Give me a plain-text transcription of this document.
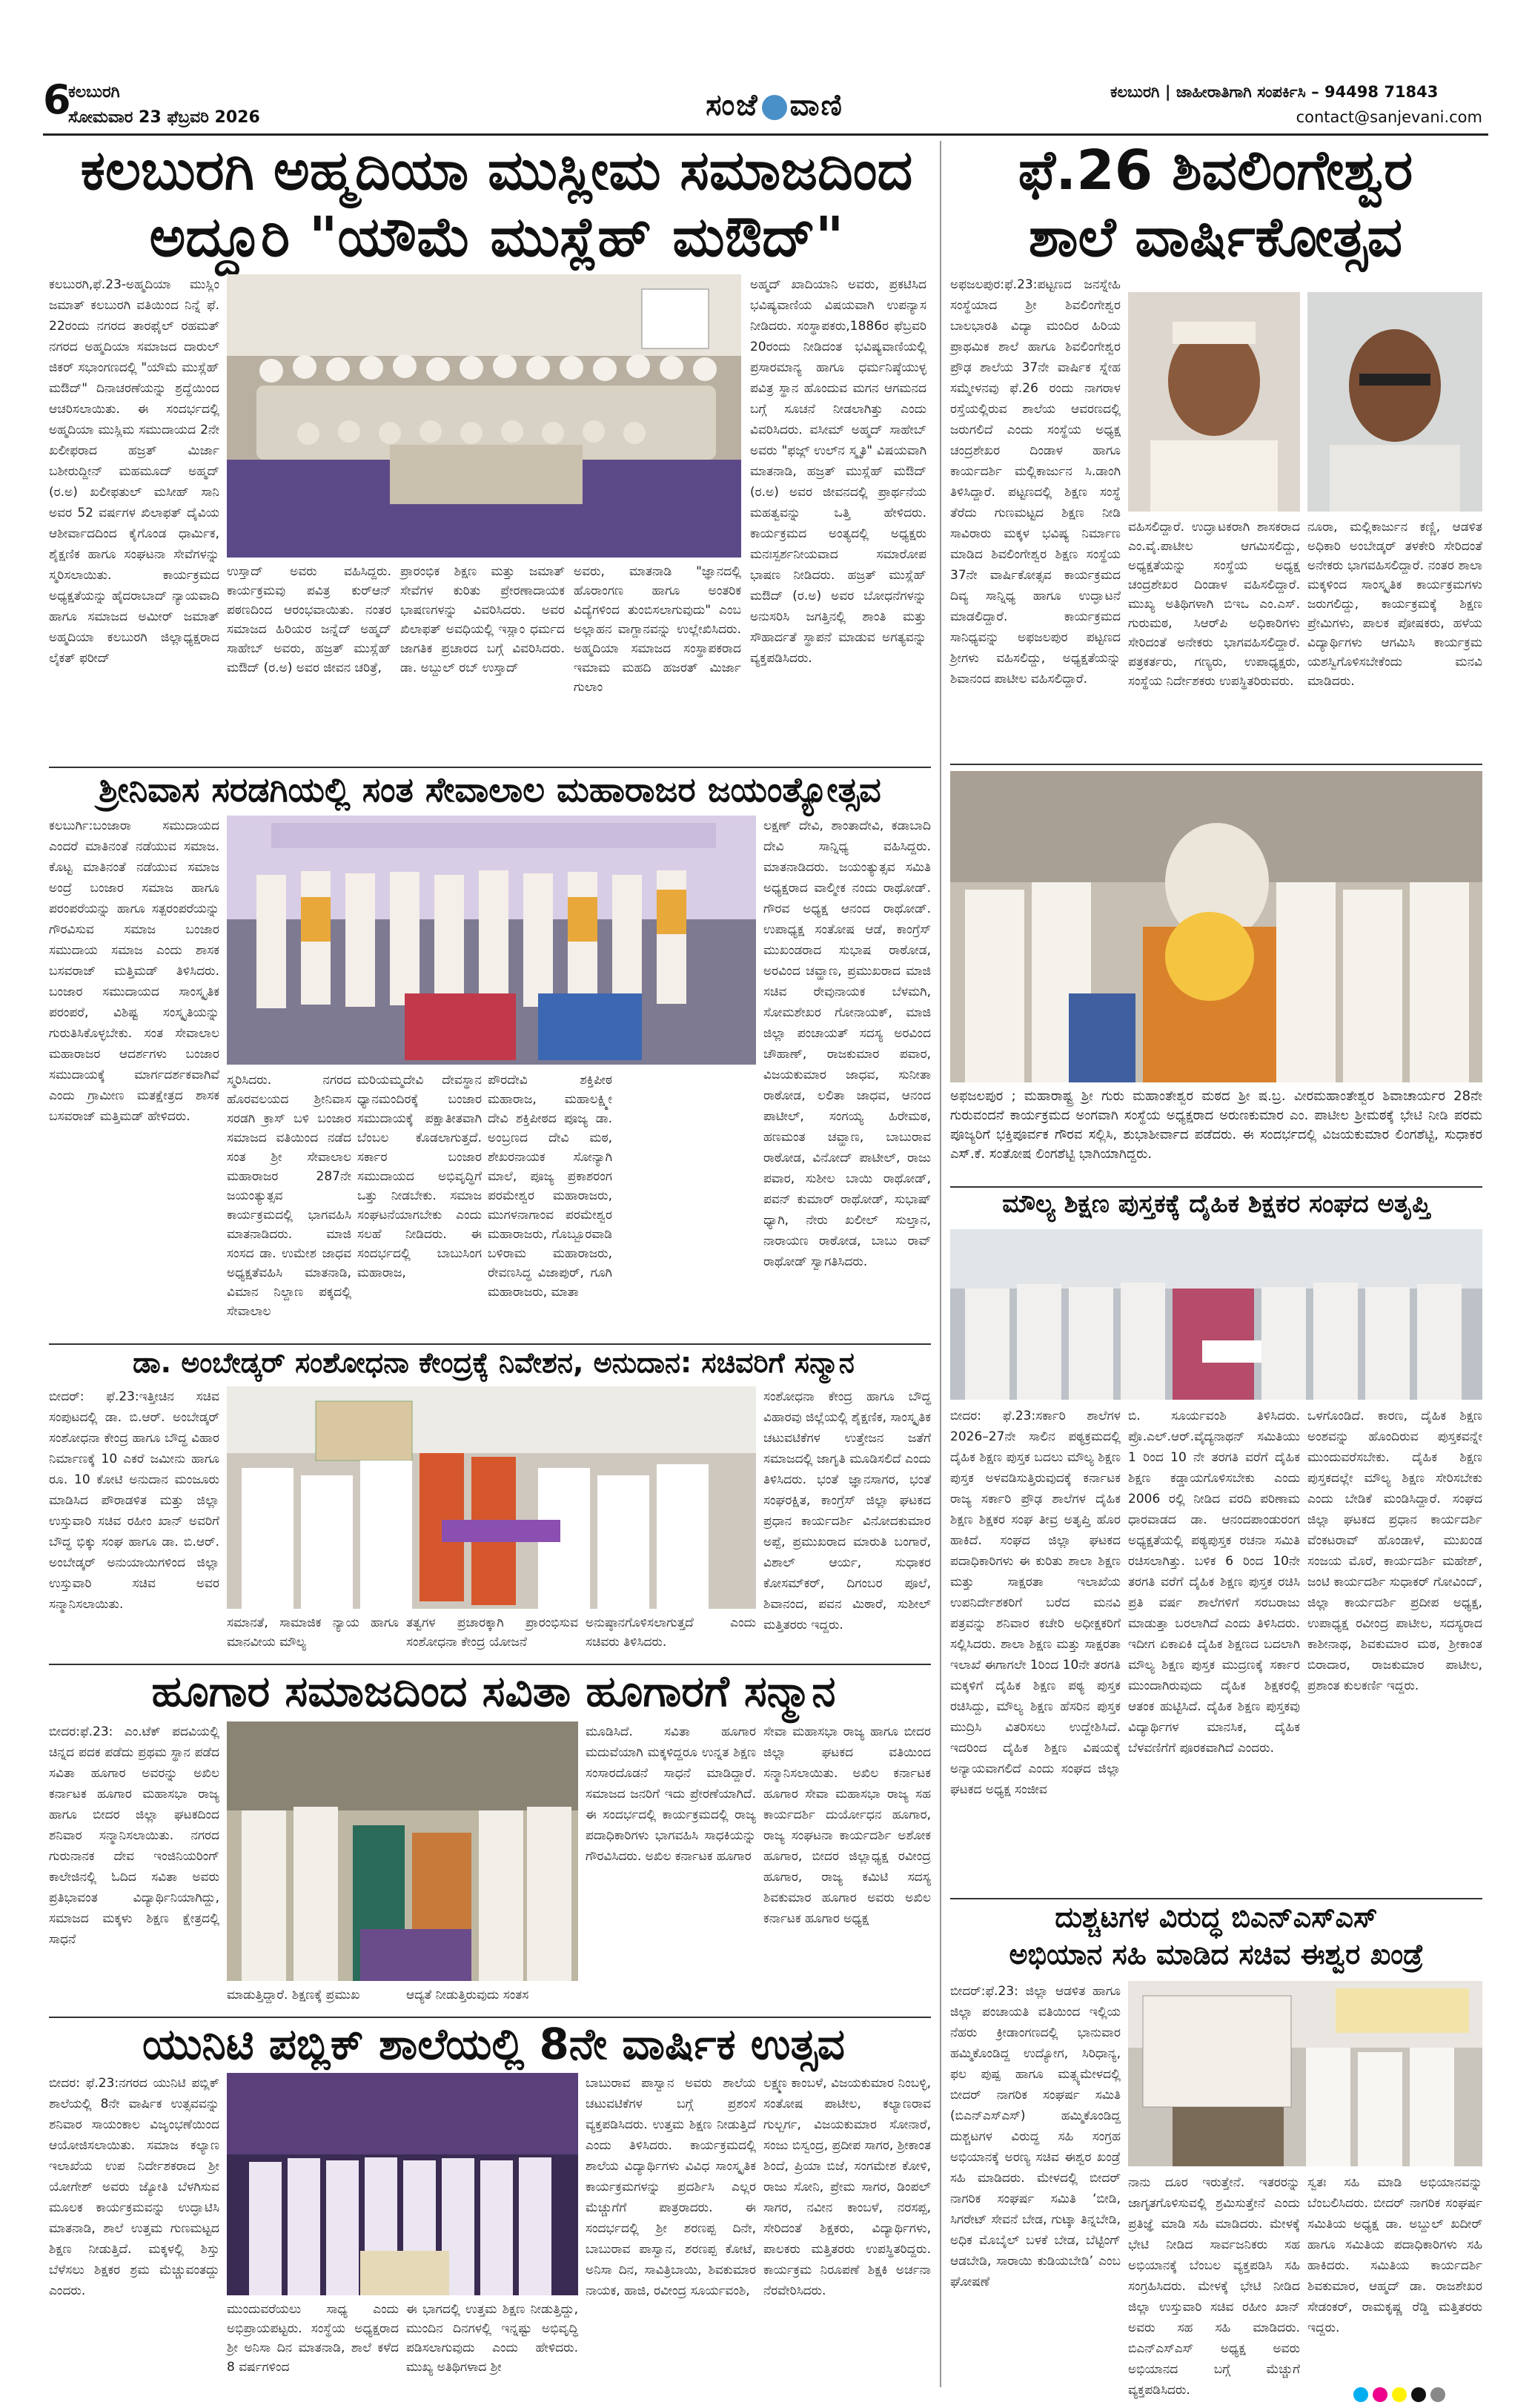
6
ಕಲಬುರಗಿ
ಸೋಮವಾರ 23 ಫೆಬ್ರವರಿ 2026	ಸಂಜೆ ವಾಣಿ	ಕಲಬುರಗಿ | ಜಾಹೀರಾತಿಗಾಗಿ ಸಂಪರ್ಕಿಸಿ – 94498 71843
contact@sanjevani.com
ಕಲಬುರಗಿ ಅಹ್ಮದಿಯಾ ಮುಸ್ಲೀಮ ಸಮಾಜದಿಂದ
ಅದ್ದೂರಿ "ಯೌಮೆ ಮುಸ್ಲೆಹ್ ಮಔದ್"
ಕಲಬುರಗಿ,ಫೆ.23-ಅಹ್ಮದಿಯಾ ಮುಸ್ಲಿಂ ಜಮಾತ್ ಕಲಬುರಗಿ ವತಿಯಿಂದ ನಿನ್ನೆ ಫೆ. 22ರಂದು ನಗರದ ತಾರಫೈಲ್ ರಹಮತ್ ನಗರದ ಅಹ್ಮದಿಯಾ ಸಮಾಜದ ದಾರುಲ್ ಜಿಕರ್ ಸಭಾಂಗಣದಲ್ಲಿ "ಯೌಮೆ ಮುಸ್ಲೆಹ್ ಮಔದ್" ದಿನಾಚರಣೆಯನ್ನು ಶ್ರದ್ಧೆಯಿಂದ ಆಚರಿಸಲಾಯಿತು. ಈ ಸಂದರ್ಭದಲ್ಲಿ ಅಹ್ಮದಿಯಾ ಮುಸ್ಲಿಮ ಸಮುದಾಯದ 2ನೇ ಖಲೀಫರಾದ ಹಜ್ರತ್ ಮಿರ್ಜಾ ಬಶೀರುದ್ದೀನ್ ಮಹಮೂದ್ ಅಹ್ಮದ್ (ರ.ಅ) ಖಲೀಫತುಲ್ ಮಸೀಹ್ ಸಾನಿ ಅವರ 52 ವರ್ಷಗಳ ಖಿಲಾಫತ್ ದೈವಿಯ ಆಶೀರ್ವಾದದಿಂದ ಕೈಗೊಂಡ ಧಾರ್ಮಿಕ, ಶೈಕ್ಷಣಿಕ ಹಾಗೂ ಸಂಘಟನಾ ಸೇವೆಗಳನ್ನು ಸ್ಮರಿಸಲಾಯಿತು. ಕಾರ್ಯಕ್ರಮದ ಅಧ್ಯಕ್ಷತೆಯನ್ನು ಹೈದರಾಬಾದ್ ನ್ಯಾಯವಾದಿ ಹಾಗೂ ಸಮಾಜದ ಅಮೀರ್ ಜಮಾತ್ ಅಹ್ಮದಿಯಾ ಕಲಬುರಗಿ ಜಿಲ್ಲಾಧ್ಯಕ್ಷರಾದ ಲೈಕತ್ ಫರೀದ್
ಉಸ್ತಾದ್ ಅವರು ವಹಿಸಿದ್ದರು. ಕಾರ್ಯಕ್ರಮವು ಪವಿತ್ರ ಕುರ್‌ಆನ್ ಪಠಣದಿಂದ ಆರಂಭವಾಯಿತು. ನಂತರ ಸಮಾಜದ ಹಿರಿಯರ ಜನ್ನೆದ್ ಅಹ್ಮದ್ ಸಾಹೇಬ್ ಅವರು, ಹಜ್ರತ್ ಮುಸ್ಲೆಹ್ ಮಔದ್ (ರ.ಅ) ಅವರ ಜೀವನ ಚರಿತ್ರೆ,
ಪ್ರಾರಂಭಿಕ ಶಿಕ್ಷಣ ಮತ್ತು ಜಮಾತ್ ಸೇವೆಗಳ ಕುರಿತು ಪ್ರೇರಣಾದಾಯಕ ಭಾಷಣಗಳನ್ನು ವಿವರಿಸಿದರು. ಅವರ ಖಿಲಾಫತ್ ಅವಧಿಯಲ್ಲಿ ಇಸ್ಲಾಂ ಧರ್ಮದ ಜಾಗತಿಕ ಪ್ರಚಾರದ ಬಗ್ಗೆ ವಿವರಿಸಿದರು. ಡಾ. ಅಬ್ದುಲ್ ರಬ್ ಉಸ್ತಾದ್
ಅವರು, ಮಾತನಾಡಿ "ಜ್ಞಾನದಲ್ಲಿ ಹೊರಾಂಗಣ ಹಾಗೂ ಅಂತರಿಕ ವಿದ್ಯೆಗಳಿಂದ ತುಂಬಿಸಲಾಗುವುದು" ಎಂಬ ಅಲ್ಲಾಹನ ವಾಗ್ದಾನವನ್ನು ಉಲ್ಲೇಖಿಸಿದರು. ಅಹ್ಮದಿಯಾ ಸಮಾಜದ ಸಂಸ್ಥಾಪಕರಾದ ಇಮಾಮ ಮಹದಿ ಹಜರತ್ ಮಿರ್ಜಾ ಗುಲಾಂ
ಅಹ್ಮದ್ ಖಾದಿಯಾನಿ ಅವರು, ಪ್ರಕಟಿಸಿದ ಭವಿಷ್ಯವಾಣಿಯ ವಿಷಯವಾಗಿ ಉಪನ್ಯಾಸ ನೀಡಿದರು. ಸಂಸ್ಥಾಪಕರು,1886ರ ಫೆಬ್ರವರಿ 20ರಂದು ನೀಡಿದಂತ ಭವಿಷ್ಯವಾಣಿಯಲ್ಲಿ ಪ್ರಸಾರಮಾನ್ಯ ಹಾಗೂ ಧರ್ಮನಿಷ್ಠೆಯುಳ್ಳ ಪವಿತ್ರ ಸ್ಥಾನ ಹೊಂದುವ ಮಗನ ಆಗಮನದ ಬಗ್ಗೆ ಸೂಚನೆ ನೀಡಲಾಗಿತ್ತು ಎಂದು ವಿವರಿಸಿದರು. ವಸೀಮ್ ಅಹ್ಮದ್ ಸಾಹೇಬ್ ಅವರು "ಫಜ್ಲ್ ಉಲ್‌ನ ಸ್ಮೃತಿ" ವಿಷಯವಾಗಿ ಮಾತನಾಡಿ, ಹಜ್ರತ್ ಮುಸ್ಲೆಹ್ ಮಔದ್ (ರ.ಅ) ಅವರ ಜೀವನದಲ್ಲಿ ಪ್ರಾರ್ಥನೆಯ ಮಹತ್ವವನ್ನು ಒತ್ತಿ ಹೇಳಿದರು. ಕಾರ್ಯಕ್ರಮದ ಅಂತ್ಯದಲ್ಲಿ ಅಧ್ಯಕ್ಷರು ಮನಃಸ್ಪರ್ಶನೀಯವಾದ ಸಮಾರೋಪ ಭಾಷಣ ನೀಡಿದರು. ಹಜ್ರತ್ ಮುಸ್ಲೆಹ್ ಮಔದ್ (ರ.ಅ) ಅವರ ಬೋಧನೆಗಳನ್ನು ಅನುಸರಿಸಿ ಜಗತ್ತಿನಲ್ಲಿ ಶಾಂತಿ ಮತ್ತು ಸೌಹಾರ್ದತೆ ಸ್ಥಾಪನೆ ಮಾಡುವ ಅಗತ್ಯವನ್ನು ವ್ಯಕ್ತಪಡಿಸಿದರು.
ಶ್ರೀನಿವಾಸ ಸರಡಗಿಯಲ್ಲಿ ಸಂತ ಸೇವಾಲಾಲ ಮಹಾರಾಜರ ಜಯಂತ್ಯೋತ್ಸವ
ಕಲಬುರ್ಗಿ:ಬಂಜಾರಾ ಸಮುದಾಯದ ಎಂದರೆ ಮಾತಿನಂತೆ ನಡೆಯುವ ಸಮಾಜ. ಕೊಟ್ಟ ಮಾತಿನಂತೆ ನಡೆಯುವ ಸಮಾಜ ಅಂದ್ರೆ ಬಂಜಾರ ಸಮಾಜ ಹಾಗೂ ಪರಂಪರೆಯನ್ನು ಹಾಗೂ ಸತ್ಪರಂಪರೆಯನ್ನು ಗೌರವಿಸುವ ಸಮಾಜ ಬಂಜಾರ ಸಮುದಾಯ ಸಮಾಜ ಎಂದು ಶಾಸಕ ಬಸವರಾಜ್ ಮತ್ತಿಮಡ್ ತಿಳಿಸಿದರು. ಬಂಜಾರ ಸಮುದಾಯದ ಸಾಂಸ್ಕೃತಿಕ ಪರಂಪರೆ, ವಿಶಿಷ್ಟ ಸಂಸ್ಕೃತಿಯನ್ನು ಗುರುತಿಸಿಕೊಳ್ಳಬೇಕು. ಸಂತ ಸೇವಾಲಾಲ ಮಹಾರಾಜರ ಆದರ್ಶಗಳು ಬಂಜಾರ ಸಮುದಾಯಕ್ಕೆ ಮಾರ್ಗದರ್ಶಕವಾಗಿವೆ ಎಂದು ಗ್ರಾಮೀಣ ಮತಕ್ಷೇತ್ರದ ಶಾಸಕ ಬಸವರಾಜ್ ಮತ್ತಿಮಡ್ ಹೇಳಿದರು.
ಸ್ಮರಿಸಿದರು. ನಗರದ ಹೊರವಲಯದ ಶ್ರೀನಿವಾಸ ಸರಡಗಿ ಕ್ರಾಸ್ ಬಳಿ ಬಂಜಾರ ಸಮಾಜದ ವತಿಯಿಂದ ನಡೆದ ಸಂತ ಶ್ರೀ ಸೇವಾಲಾಲ ಮಹಾರಾಜರ 287ನೇ ಜಯಂತ್ಯುತ್ಸವ ಕಾರ್ಯಕ್ರಮದಲ್ಲಿ ಭಾಗವಹಿಸಿ ಮಾತನಾಡಿದರು. ಮಾಜಿ ಸಂಸದ ಡಾ. ಉಮೇಶ ಜಾಧವ ಅಧ್ಯಕ್ಷತೆವಹಿಸಿ ಮಾತನಾಡಿ, ವಿಮಾನ ನಿಲ್ದಾಣ ಪಕ್ಕದಲ್ಲಿ ಸೇವಾಲಾಲ
ಮರಿಯಮ್ಮದೇವಿ ದೇವಸ್ಥಾನ ಧ್ಯಾನಮಂದಿರಕ್ಕೆ ಬಂಜಾರ ಸಮುದಾಯಕ್ಕೆ ಪಕ್ಷಾತೀತವಾಗಿ ಬೆಂಬಲ ಕೊಡಲಾಗುತ್ತದೆ. ಸರ್ಕಾರ ಬಂಜಾರ ಸಮುದಾಯದ ಅಭಿವೃದ್ಧಿಗೆ ಒತ್ತು ನೀಡಬೇಕು. ಸಮಾಜ ಸಂಘಟನೆಯಾಗಬೇಕು ಎಂದು ಸಲಹೆ ನೀಡಿದರು. ಈ ಸಂದರ್ಭದಲ್ಲಿ ಬಾಬುಸಿಂಗ ಮಹಾರಾಜ,
ಪೌರದೇವಿ ಶಕ್ತಿಪೀಠ ಮಹಾರಾಜ, ಮಹಾಲಕ್ಷ್ಮೀ ದೇವಿ ಶಕ್ತಿಪೀಠದ ಪೂಜ್ಯ ಡಾ. ಅಂಬ್ರಣದ ದೇವಿ ಮಠ, ಶೇಖರನಾಯಕ ಸೋನ್ಯಾಗಿ ಮಾಲೆ, ಪೂಜ್ಯ ಪ್ರಕಾಶರಂಗ ಪರಮೇಶ್ವರ ಮಹಾರಾಜರು, ಮುಗಳನಾಗಾಂವ ಪರಮೇಶ್ವರ ಮಹಾರಾಜರು, ಗೊಬ್ಬೂರವಾಡಿ ಬಳಿರಾಮ ಮಹಾರಾಜರು, ರೇವಣಸಿದ್ಧ ವಿಜಾಪುರ್, ಗೂಗಿ ಮಹಾರಾಜರು, ಮಾತಾ
ಲಕ್ಷಣ್ ದೇವಿ, ಶಾಂತಾದೇವಿ, ಕಡಾಬಾದಿ ದೇವಿ ಸಾನ್ನಿಧ್ಯ ವಹಿಸಿದ್ದರು. ಮಾತನಾಡಿದರು. ಜಯಂತ್ಯುತ್ಸವ ಸಮಿತಿ ಅಧ್ಯಕ್ಷರಾದ ವಾಲ್ಮೀಕ ನಂದು ರಾಥೋಡ್. ಗೌರವ ಅಧ್ಯಕ್ಷ ಆನಂದ ರಾಥೋಡ್. ಉಪಾಧ್ಯಕ್ಷ ಸಂತೋಷ ಆಡೆ, ಕಾಂಗ್ರೆಸ್ ಮುಖಂಡರಾದ ಸುಭಾಷ ರಾಠೋಡ, ಅರವಿಂದ ಚವ್ಹಾಣ, ಪ್ರಮುಖರಾದ ಮಾಜಿ ಸಚಿವ ರೇವುನಾಯಕ ಬೆಳಮಗಿ, ಸೋಮಶೇಖರ ಗೋನಾಯಕ್, ಮಾಜಿ ಜಿಲ್ಲಾ ಪಂಚಾಯತ್ ಸದಸ್ಯ ಅರವಿಂದ ಚೌಹಾಣ್, ರಾಜಕುಮಾರ ಪವಾರ, ವಿಜಯಕುಮಾರ ಜಾಧವ, ಸುನೀತಾ ರಾಠೋಡ, ಲಲಿತಾ ಜಾಧವ, ಆನಂದ ಪಾಟೀಲ್, ಸಂಗಯ್ಯ ಹಿರೇಮಠ, ಹಣಮಂತ ಚವ್ಹಾಣ, ಬಾಬುರಾವ ರಾಠೋಡ, ವಿನೋದ್ ಪಾಟೀಲ್, ರಾಜು ಪವಾರ, ಸುಶೀಲ ಬಾಯಿ ರಾಥೋಡ್, ಪವನ್ ಕುಮಾರ್ ರಾಥೋಡ್, ಸುಭಾಷ್ ಧ್ಯಾಗಿ, ನೇರು ಖಲೀಲ್ ಸುಲ್ತಾನ, ನಾರಾಯಣ ರಾಠೋಡ, ಬಾಬು ರಾವ್ ರಾಥೋಡ್ ಸ್ವಾಗತಿಸಿದರು.
ಡಾ. ಅಂಬೇಡ್ಕರ್ ಸಂಶೋಧನಾ ಕೇಂದ್ರಕ್ಕೆ ನಿವೇಶನ, ಅನುದಾನ: ಸಚಿವರಿಗೆ ಸನ್ಮಾನ
ಬೀದರ್: ಫೆ.23:ಇತ್ತೀಚಿನ ಸಚಿವ ಸಂಪುಟದಲ್ಲಿ ಡಾ. ಬಿ.ಆರ್. ಅಂಬೇಡ್ಕರ್ ಸಂಶೋಧನಾ ಕೇಂದ್ರ ಹಾಗೂ ಬೌದ್ಧ ವಿಹಾರ ನಿರ್ಮಾಣಕ್ಕೆ 10 ಎಕರೆ ಜಮೀನು ಹಾಗೂ ರೂ. 10 ಕೋಟಿ ಅನುದಾನ ಮಂಜೂರು ಮಾಡಿಸಿದ ಪೌರಾಡಳಿತ ಮತ್ತು ಜಿಲ್ಲಾ ಉಸ್ತುವಾರಿ ಸಚಿವ ರಹೀಂ ಖಾನ್ ಅವರಿಗೆ ಬೌದ್ಧ ಭಿಕ್ಕು ಸಂಘ ಹಾಗೂ ಡಾ. ಬಿ.ಆರ್. ಅಂಬೇಡ್ಕರ್ ಅನುಯಾಯಿಗಳಿಂದ ಜಿಲ್ಲಾ ಉಸ್ತುವಾರಿ ಸಚಿವ ಅವರ ಸನ್ಮಾನಿಸಲಾಯಿತು.
ಸಮಾನತೆ, ಸಾಮಾಜಿಕ ನ್ಯಾಯ ಹಾಗೂ ಮಾನವೀಯ ಮೌಲ್ಯ
ತತ್ವಗಳ ಪ್ರಚಾರಕ್ಕಾಗಿ ಪ್ರಾರಂಭಿಸುವ ಸಂಶೋಧನಾ ಕೇಂದ್ರ ಯೋಜನೆ
ಅನುಷ್ಠಾನಗೊಳಿಸಲಾಗುತ್ತದೆ ಎಂದು ಸಚಿವರು ತಿಳಿಸಿದರು.
ಸಂಶೋಧನಾ ಕೇಂದ್ರ ಹಾಗೂ ಬೌದ್ಧ ವಿಹಾರವು ಜಿಲ್ಲೆಯಲ್ಲಿ ಶೈಕ್ಷಣಿಕ, ಸಾಂಸ್ಕೃತಿಕ ಚಟುವಟಿಕೆಗಳ ಉತ್ತೇಜನ ಜತೆಗೆ ಸಮಾಜದಲ್ಲಿ ಜಾಗೃತಿ ಮೂಡಿಸಲಿದೆ ಎಂದು ತಿಳಿಸಿದರು. ಭಂತೆ ಜ್ಞಾನಸಾಗರ, ಭಂತೆ ಸಂಘರಕ್ಷಿತ, ಕಾಂಗ್ರೆಸ್ ಜಿಲ್ಲಾ ಘಟಕದ ಪ್ರಧಾನ ಕಾರ್ಯದರ್ಶಿ ವಿನೋದಕುಮಾರ ಅಪ್ಪೆ, ಪ್ರಮುಖರಾದ ಮಾರುತಿ ಬಂಗಾರೆ, ವಿಶಾಲ್ ಆರ್ಯ, ಸುಧಾಕರ ಕೋಸಮ್‌ಕರ್, ದಿಗಂಬರ ಪೂಲೆ, ಶಿವಾನಂದ, ಪವನ ಮಿಠಾರೆ, ಸುಶೀಲ್ ಮತ್ತಿತರರು ಇದ್ದರು.
ಹೂಗಾರ ಸಮಾಜದಿಂದ ಸವಿತಾ ಹೂಗಾರಗೆ ಸನ್ಮಾನ
ಬೀದರ:ಫೆ.23: ಎಂ.ಟೆಕ್ ಪದವಿಯಲ್ಲಿ ಚಿನ್ನದ ಪದಕ ಪಡೆದು ಪ್ರಥಮ ಸ್ಥಾನ ಪಡೆದ ಸವಿತಾ ಹೂಗಾರ ಅವರನ್ನು ಅಖಿಲ ಕರ್ನಾಟಕ ಹೂಗಾರ ಮಹಾಸಭಾ ರಾಜ್ಯ ಹಾಗೂ ಬೀದರ ಜಿಲ್ಲಾ ಘಟಕದಿಂದ ಶನಿವಾರ ಸನ್ಮಾನಿಸಲಾಯಿತು. ನಗರದ ಗುರುನಾನಕ ದೇವ ಇಂಜಿನಿಯರಿಂಗ್ ಕಾಲೇಜಿನಲ್ಲಿ ಓದಿದ ಸವಿತಾ ಅವರು ಪ್ರತಿಭಾವಂತ ವಿದ್ಯಾರ್ಥಿನಿಯಾಗಿದ್ದು, ಸಮಾಜದ ಮಕ್ಕಳು ಶಿಕ್ಷಣ ಕ್ಷೇತ್ರದಲ್ಲಿ ಸಾಧನೆ
ಮಾಡುತ್ತಿದ್ದಾರೆ. ಶಿಕ್ಷಣಕ್ಕೆ ಪ್ರಮುಖ	ಆದ್ಯತೆ ನೀಡುತ್ತಿರುವುದು ಸಂತಸ
ಮೂಡಿಸಿದೆ. ಸವಿತಾ ಹೂಗಾರ ಮದುವೆಯಾಗಿ ಮಕ್ಕಳಿದ್ದರೂ ಉನ್ನತ ಶಿಕ್ಷಣ ಸಂಸಾರದೊಡನೆ ಸಾಧನೆ ಮಾಡಿದ್ದಾರೆ. ಸಮಾಜದ ಜನರಿಗೆ ಇದು ಪ್ರೇರಣೆಯಾಗಿದೆ. ಈ ಸಂದರ್ಭದಲ್ಲಿ ಕಾರ್ಯಕ್ರಮದಲ್ಲಿ ರಾಜ್ಯ ಪದಾಧಿಕಾರಿಗಳು ಭಾಗವಹಿಸಿ ಸಾಧಕಿಯನ್ನು ಗೌರವಿಸಿದರು. ಅಖಿಲ ಕರ್ನಾಟಕ ಹೂಗಾರ
ಸೇವಾ ಮಹಾಸಭಾ ರಾಜ್ಯ ಹಾಗೂ ಬೀದರ ಜಿಲ್ಲಾ ಘಟಕದ ವತಿಯಿಂದ ಸನ್ಮಾನಿಸಲಾಯಿತು. ಅಖಿಲ ಕರ್ನಾಟಕ ಹೂಗಾರ ಸೇವಾ ಮಹಾಸಭಾ ರಾಜ್ಯ ಸಹ ಕಾರ್ಯದರ್ಶಿ ದುರ್ಯೋಧನ ಹೂಗಾರ, ರಾಜ್ಯ ಸಂಘಟನಾ ಕಾರ್ಯದರ್ಶಿ ಅಶೋಕ ಹೂಗಾರ, ಬೀದರ ಜಿಲ್ಲಾಧ್ಯಕ್ಷ ರವೀಂದ್ರ ಹೂಗಾರ, ರಾಜ್ಯ ಕಮಿಟಿ ಸದಸ್ಯ ಶಿವಕುಮಾರ ಹೂಗಾರ ಅವರು ಅಖಿಲ ಕರ್ನಾಟಕ ಹೂಗಾರ ಅಧ್ಯಕ್ಷ
ಯುನಿಟಿ ಪಬ್ಲಿಕ್ ಶಾಲೆಯಲ್ಲಿ 8ನೇ ವಾರ್ಷಿಕ ಉತ್ಸವ
ಬೀದರ: ಫೆ.23:ನಗರದ ಯುನಿಟಿ ಪಬ್ಲಿಕ್ ಶಾಲೆಯಲ್ಲಿ 8ನೇ ವಾರ್ಷಿಕ ಉತ್ಸವವನ್ನು ಶನಿವಾರ ಸಾಯಂಕಾಲ ವಿಜೃಂಭಣೆಯಿಂದ ಆಯೋಜಿಸಲಾಯಿತು. ಸಮಾಜ ಕಲ್ಯಾಣ ಇಲಾಖೆಯ ಉಪ ನಿರ್ದೇಶಕರಾದ ಶ್ರೀ ಯೋಗೇಶ್ ಅವರು ಜ್ಯೋತಿ ಬೆಳಗಿಸುವ ಮೂಲಕ ಕಾರ್ಯಕ್ರಮವನ್ನು ಉದ್ಘಾಟಿಸಿ ಮಾತನಾಡಿ, ಶಾಲೆ ಉತ್ತಮ ಗುಣಮಟ್ಟದ ಶಿಕ್ಷಣ ನೀಡುತ್ತಿದೆ. ಮಕ್ಕಳಲ್ಲಿ ಶಿಸ್ತು ಬೆಳೆಸಲು ಶಿಕ್ಷಕರ ಶ್ರಮ ಮೆಚ್ಚುವಂತದ್ದು ಎಂದರು.
ಮುಂದುವರೆಯಲು ಸಾಧ್ಯ ಎಂದು ಅಭಿಪ್ರಾಯಪಟ್ಟರು. ಸಂಸ್ಥೆಯ ಅಧ್ಯಕ್ಷರಾದ ಶ್ರೀ ಅನಿಸಾ ದಿನ ಮಾತನಾಡಿ, ಶಾಲೆ ಕಳೆದ 8 ವರ್ಷಗಳಿಂದ
ಈ ಭಾಗದಲ್ಲಿ ಉತ್ತಮ ಶಿಕ್ಷಣ ನೀಡುತ್ತಿದ್ದು, ಮುಂದಿನ ದಿನಗಳಲ್ಲಿ ಇನ್ನಷ್ಟು ಅಭಿವೃದ್ಧಿ ಪಡಿಸಲಾಗುವುದು ಎಂದು ಹೇಳಿದರು. ಮುಖ್ಯ ಅತಿಥಿಗಳಾದ ಶ್ರೀ
ಬಾಬುರಾವ ಪಾಸ್ವಾನ ಅವರು ಶಾಲೆಯ ಚಟುವಟಿಕೆಗಳ ಬಗ್ಗೆ ಪ್ರಶಂಸೆ ವ್ಯಕ್ತಪಡಿಸಿದರು. ಉತ್ತಮ ಶಿಕ್ಷಣ ನೀಡುತ್ತಿದೆ ಎಂದು ತಿಳಿಸಿದರು. ಕಾರ್ಯಕ್ರಮದಲ್ಲಿ ಶಾಲೆಯ ವಿದ್ಯಾರ್ಥಿಗಳು ವಿವಿಧ ಸಾಂಸ್ಕೃತಿಕ ಕಾರ್ಯಕ್ರಮಗಳನ್ನು ಪ್ರದರ್ಶಿಸಿ ಎಲ್ಲರ ಮೆಚ್ಚುಗೆಗೆ ಪಾತ್ರರಾದರು. ಈ ಸಂದರ್ಭದಲ್ಲಿ ಶ್ರೀ ಶರಣಪ್ಪ ದಿನೇ, ಬಾಬುರಾವ ಪಾಸ್ವಾನ, ಶರಣಪ್ಪ ಕೋಟೆ, ಅನಿಸಾ ದಿನ, ಸಾವಿತ್ರಿಬಾಯಿ, ಶಿವಕುಮಾರ ನಾಯಕ, ಹಾಜಿ, ರವೀಂದ್ರ ಸೂರ್ಯವಂಶಿ,
ಲಕ್ಷ್ಮಣ ಕಾಂಬಳೆ, ವಿಜಯಕುಮಾರ ನಿಂಬಳ್ಳಿ, ಸಂತೋಷ ಪಾಟೀಲ, ಕಲ್ಯಾಣರಾವ ಗುಲ್ಬರ್ಗ, ವಿಜಯಕುಮಾರ ಸೋನಾರೆ, ಸಂಜು ಬಿಸ್ವಂದ್ರ, ಪ್ರದೀಪ ಸಾಗರ, ಶ್ರೀಕಾಂತ ಶಿಂದೆ, ಪ್ರಿಯಾ ಬಿಜೆ, ಸಂಗಮೇಶ ಕೋಳಿ, ರಾಜು ಸೋನಿ, ಪ್ರೇಮ ಸಾಗರ, ಡಿಂಪಲ್ ಸಾಗರ, ನವೀನ ಕಾಂಬಳೆ, ನರಸಪ್ಪ, ಸೇರಿದಂತೆ ಶಿಕ್ಷಕರು, ವಿದ್ಯಾರ್ಥಿಗಳು, ಪಾಲಕರು ಮತ್ತಿತರರು ಉಪಸ್ಥಿತರಿದ್ದರು. ಕಾರ್ಯಕ್ರಮ ನಿರೂಪಣೆ ಶಿಕ್ಷಕಿ ಅರ್ಚನಾ ನೆರವೇರಿಸಿದರು.
ಫೆ.26 ಶಿವಲಿಂಗೇಶ್ವರ
ಶಾಲೆ ವಾರ್ಷಿಕೋತ್ಸವ
ಅಫಜಲಪುರ:ಫೆ.23:ಪಟ್ಟಣದ ಜನಸ್ನೇಹಿ ಸಂಸ್ಥೆಯಾದ ಶ್ರೀ ಶಿವಲಿಂಗೇಶ್ವರ ಬಾಲಭಾರತಿ ವಿದ್ಯಾ ಮಂದಿರ ಹಿರಿಯ ಪ್ರಾಥಮಿಕ ಶಾಲೆ ಹಾಗೂ ಶಿವಲಿಂಗೇಶ್ವರ ಪ್ರೌಢ ಶಾಲೆಯ 37ನೇ ವಾರ್ಷಿಕ ಸ್ನೇಹ ಸಮ್ಮೇಳನವು ಫೆ.26 ರಂದು ನಾಗರಾಳ ರಸ್ತೆಯಲ್ಲಿರುವ ಶಾಲೆಯ ಆವರಣದಲ್ಲಿ ಜರುಗಲಿದೆ ಎಂದು ಸಂಸ್ಥೆಯ ಅಧ್ಯಕ್ಷ ಚಂದ್ರಶೇಖರ ದಿಂಡಾಳ ಹಾಗೂ ಕಾರ್ಯದರ್ಶಿ ಮಲ್ಲಿಕಾರ್ಜುನ ಸಿ.ಡಾಂಗಿ ತಿಳಿಸಿದ್ದಾರೆ. ಪಟ್ಟಣದಲ್ಲಿ ಶಿಕ್ಷಣ ಸಂಸ್ಥೆ ತೆರೆದು ಗುಣಮಟ್ಟದ ಶಿಕ್ಷಣ ನೀಡಿ ಸಾವಿರಾರು ಮಕ್ಕಳ ಭವಿಷ್ಯ ನಿರ್ಮಾಣ ಮಾಡಿದ ಶಿವಲಿಂಗೇಶ್ವರ ಶಿಕ್ಷಣ ಸಂಸ್ಥೆಯ 37ನೇ ವಾರ್ಷಿಕೋತ್ಸವ ಕಾರ್ಯಕ್ರಮದ ದಿವ್ಯ ಸಾನ್ನಿಧ್ಯ ಹಾಗೂ ಉದ್ಘಾಟನೆ ಮಾಡಲಿದ್ದಾರೆ. ಕಾರ್ಯಕ್ರಮದ ಸಾನಿಧ್ಯವನ್ನು ಅಫಜಲಪುರ ಪಟ್ಟಣದ ಶ್ರೀಗಳು ವಹಿಸಲಿದ್ದು, ಅಧ್ಯಕ್ಷತೆಯನ್ನು ಶಿವಾನಂದ ಪಾಟೀಲ ವಹಿಸಲಿದ್ದಾರೆ.
ವಹಿಸಲಿದ್ದಾರೆ. ಉದ್ಘಾಟಕರಾಗಿ ಶಾಸಕರಾದ ಎಂ.ವೈ.ಪಾಟೀಲ ಆಗಮಿಸಲಿದ್ದು, ಅಧ್ಯಕ್ಷತೆಯನ್ನು ಸಂಸ್ಥೆಯ ಅಧ್ಯಕ್ಷ ಚಂದ್ರಶೇಖರ ದಿಂಡಾಳ ವಹಿಸಲಿದ್ದಾರೆ. ಮುಖ್ಯ ಅತಿಥಿಗಳಾಗಿ ಬಿಇಒ ಎಂ.ಎಸ್. ಗುರುಮಠ, ಸಿಆರ್‌ಪಿ ಅಧಿಕಾರಿಗಳು ಸೇರಿದಂತೆ ಅನೇಕರು ಭಾಗವಹಿಸಲಿದ್ದಾರೆ. ಪತ್ರಕರ್ತರು, ಗಣ್ಯರು, ಉಪಾಧ್ಯಕ್ಷರು, ಸಂಸ್ಥೆಯ ನಿರ್ದೇಶಕರು ಉಪಸ್ಥಿತರಿರುವರು.
ನೂರಾ, ಮಲ್ಲಿಕಾರ್ಜುನ ಕಣ್ಣಿ, ಆಡಳಿತ ಅಧಿಕಾರಿ ಅಂಬೇಡ್ಕರ್ ತಳಕೇರಿ ಸೇರಿದಂತೆ ಅನೇಕರು ಭಾಗವಹಿಸಲಿದ್ದಾರೆ. ನಂತರ ಶಾಲಾ ಮಕ್ಕಳಿಂದ ಸಾಂಸ್ಕೃತಿಕ ಕಾರ್ಯಕ್ರಮಗಳು ಜರುಗಲಿದ್ದು, ಕಾರ್ಯಕ್ರಮಕ್ಕೆ ಶಿಕ್ಷಣ ಪ್ರೇಮಿಗಳು, ಪಾಲಕ ಪೋಷಕರು, ಹಳೆಯ ವಿದ್ಯಾರ್ಥಿಗಳು ಆಗಮಿಸಿ ಕಾರ್ಯಕ್ರಮ ಯಶಸ್ವಿಗೊಳಿಸಬೇಕೆಂದು ಮನವಿ ಮಾಡಿದರು.
ಅಫಜಲಪುರ ; ಮಹಾರಾಷ್ಟ್ರ ಶ್ರೀ ಗುರು ಮಹಾಂತೇಶ್ವರ ಮಠದ ಶ್ರೀ ಷ.ಬ್ರ. ವೀರಮಹಾಂತೇಶ್ವರ ಶಿವಾಚಾರ್ಯರ 28ನೇ ಗುರುವಂದನೆ ಕಾರ್ಯಕ್ರಮದ ಅಂಗವಾಗಿ ಸಂಸ್ಥೆಯ ಅಧ್ಯಕ್ಷರಾದ ಅರುಣಕುಮಾರ ಎಂ. ಪಾಟೀಲ ಶ್ರೀಮಠಕ್ಕೆ ಭೇಟಿ ನೀಡಿ ಪರಮ ಪೂಜ್ಯರಿಗೆ ಭಕ್ತಿಪೂರ್ವಕ ಗೌರವ ಸಲ್ಲಿಸಿ, ಶುಭಾಶೀರ್ವಾದ ಪಡೆದರು. ಈ ಸಂದರ್ಭದಲ್ಲಿ ವಿಜಯಕುಮಾರ ಲಿಂಗಶೆಟ್ಟಿ, ಸುಧಾಕರ ಎಸ್.ಕೆ. ಸಂತೋಷ ಲಿಂಗಶೆಟ್ಟಿ ಭಾಗಿಯಾಗಿದ್ದರು.
ಮೌಲ್ಯ ಶಿಕ್ಷಣ ಪುಸ್ತಕಕ್ಕೆ ದೈಹಿಕ ಶಿಕ್ಷಕರ ಸಂಘದ ಅತೃಪ್ತಿ
ಬೀದರ: ಫೆ.23:ಸರ್ಕಾರಿ ಶಾಲೆಗಳ 2026–27ನೇ ಸಾಲಿನ ಪಠ್ಯಕ್ರಮದಲ್ಲಿ ದೈಹಿಕ ಶಿಕ್ಷಣ ಪುಸ್ತಕ ಬದಲು ಮೌಲ್ಯ ಶಿಕ್ಷಣ ಪುಸ್ತಕ ಅಳವಡಿಸುತ್ತಿರುವುದಕ್ಕೆ ಕರ್ನಾಟಕ ರಾಜ್ಯ ಸರ್ಕಾರಿ ಪ್ರೌಢ ಶಾಲೆಗಳ ದೈಹಿಕ ಶಿಕ್ಷಣ ಶಿಕ್ಷಕರ ಸಂಘ ತೀವ್ರ ಅತೃಪ್ತಿ ಹೊರ ಹಾಕಿದೆ. ಸಂಘದ ಜಿಲ್ಲಾ ಘಟಕದ ಪದಾಧಿಕಾರಿಗಳು ಈ ಕುರಿತು ಶಾಲಾ ಶಿಕ್ಷಣ ಮತ್ತು ಸಾಕ್ಷರತಾ ಇಲಾಖೆಯ ಉಪನಿರ್ದೇಶಕರಿಗೆ ಬರೆದ ಮನವಿ ಪತ್ರವನ್ನು ಶನಿವಾರ ಕಚೇರಿ ಅಧೀಕ್ಷಕರಿಗೆ ಸಲ್ಲಿಸಿದರು. ಶಾಲಾ ಶಿಕ್ಷಣ ಮತ್ತು ಸಾಕ್ಷರತಾ ಇಲಾಖೆ ಈಗಾಗಲೇ 1ರಿಂದ 10ನೇ ತರಗತಿ ಮಕ್ಕಳಿಗೆ ದೈಹಿಕ ಶಿಕ್ಷಣ ಪಠ್ಯ ಪುಸ್ತಕ ರಚಿಸಿದ್ದು, ಮೌಲ್ಯ ಶಿಕ್ಷಣ ಹೆಸರಿನ ಪುಸ್ತಕ ಮುದ್ರಿಸಿ ವಿತರಿಸಲು ಉದ್ದೇಶಿಸಿದೆ. ಇದರಿಂದ ದೈಹಿಕ ಶಿಕ್ಷಣ ವಿಷಯಕ್ಕೆ ಅನ್ಯಾಯವಾಗಲಿದೆ ಎಂದು ಸಂಘದ ಜಿಲ್ಲಾ ಘಟಕದ ಅಧ್ಯಕ್ಷ ಸಂಜೀವ
ಬಿ. ಸೂರ್ಯವಂಶಿ ತಿಳಿಸಿದರು. ಪ್ರೊ.ಎಲ್.ಆರ್.ವೈದ್ಯನಾಥನ್ ಸಮಿತಿಯು 1 ರಿಂದ 10 ನೇ ತರಗತಿ ವರೆಗೆ ದೈಹಿಕ ಶಿಕ್ಷಣ ಕಡ್ಡಾಯಗೊಳಿಸಬೇಕು ಎಂದು 2006 ರಲ್ಲಿ ನೀಡಿದ ವರದಿ ಪರಿಣಾಮ ಧಾರವಾಡದ ಡಾ. ಆನಂದಪಾಂಡುರಂಗ ಅಧ್ಯಕ್ಷತೆಯಲ್ಲಿ ಪಠ್ಯಪುಸ್ತಕ ರಚನಾ ಸಮಿತಿ ರಚಿಸಲಾಗಿತ್ತು. ಬಳಿಕ 6 ರಿಂದ 10ನೇ ತರಗತಿ ವರೆಗೆ ದೈಹಿಕ ಶಿಕ್ಷಣ ಪುಸ್ತಕ ರಚಿಸಿ ಪ್ರತಿ ವರ್ಷ ಶಾಲೆಗಳಿಗೆ ಸರಬರಾಜು ಮಾಡುತ್ತಾ ಬರಲಾಗಿದೆ ಎಂದು ತಿಳಿಸಿದರು. ಇದೀಗ ಏಕಾಏಕಿ ದೈಹಿಕ ಶಿಕ್ಷಣದ ಬದಲಾಗಿ ಮೌಲ್ಯ ಶಿಕ್ಷಣ ಪುಸ್ತಕ ಮುದ್ರಣಕ್ಕೆ ಸರ್ಕಾರ ಮುಂದಾಗಿರುವುದು ದೈಹಿಕ ಶಿಕ್ಷಕರಲ್ಲಿ ಆತಂಕ ಹುಟ್ಟಿಸಿದೆ. ದೈಹಿಕ ಶಿಕ್ಷಣ ಪುಸ್ತಕವು ವಿದ್ಯಾರ್ಥಿಗಳ ಮಾನಸಿಕ, ದೈಹಿಕ ಬೆಳವಣಿಗೆಗೆ ಪೂರಕವಾಗಿದೆ ಎಂದರು.
ಒಳಗೊಂಡಿದೆ. ಕಾರಣ, ದೈಹಿಕ ಶಿಕ್ಷಣ ಅಂಶವನ್ನು ಹೊಂದಿರುವ ಪುಸ್ತಕವನ್ನೇ ಮುಂದುವರೆಸಬೇಕು. ದೈಹಿಕ ಶಿಕ್ಷಣ ಪುಸ್ತಕದಲ್ಲೇ ಮೌಲ್ಯ ಶಿಕ್ಷಣ ಸೇರಿಸಬೇಕು ಎಂದು ಬೇಡಿಕೆ ಮಂಡಿಸಿದ್ದಾರೆ. ಸಂಘದ ಜಿಲ್ಲಾ ಘಟಕದ ಪ್ರಧಾನ ಕಾರ್ಯದರ್ಶಿ ವೆಂಕಟರಾವ್ ಹೊಂಡಾಳೆ, ಮುಖಂಡ ಸಂಜಯ ಮೊರೆ, ಕಾರ್ಯದರ್ಶಿ ಮಹೇಶ್, ಜಂಟಿ ಕಾರ್ಯದರ್ಶಿ ಸುಧಾಕರ್ ಗೋವಿಂದ್, ಜಿಲ್ಲಾ ಕಾರ್ಯದರ್ಶಿ ಪ್ರದೀಪ ಅಧ್ಯಕ್ಷ, ಉಪಾಧ್ಯಕ್ಷ ರವೀಂದ್ರ ಪಾಟೀಲ, ಸದಸ್ಯರಾದ ಕಾಶೀನಾಥ, ಶಿವಕುಮಾರ ಮಠ, ಶ್ರೀಕಾಂತ ಬಿರಾದಾರ, ರಾಜಕುಮಾರ ಪಾಟೀಲ, ಪ್ರಶಾಂತ ಕುಲಕರ್ಣಿ ಇದ್ದರು.
ದುಶ್ಚಟಗಳ ವಿರುದ್ಧ ಬಿಎನ್‌ಎಸ್‌ಎಸ್
ಅಭಿಯಾನ ಸಹಿ ಮಾಡಿದ ಸಚಿವ ಈಶ್ವರ ಖಂಡ್ರೆ
ಬೀದರ್:ಫೆ.23: ಜಿಲ್ಲಾ ಆಡಳಿತ ಹಾಗೂ ಜಿಲ್ಲಾ ಪಂಚಾಯತಿ ವತಿಯಿಂದ ಇಲ್ಲಿಯ ನೆಹರು ಕ್ರೀಡಾಂಗಣದಲ್ಲಿ ಭಾನುವಾರ ಹಮ್ಮಿಕೊಂಡಿದ್ದ ಉದ್ಯೋಗ, ಸಿರಿಧಾನ್ಯ, ಫಲ ಪುಷ್ಪ ಹಾಗೂ ಮತ್ಸ್ಯಮೇಳದಲ್ಲಿ ಬೀದರ್ ನಾಗರಿಕ ಸಂಘರ್ಷ ಸಮಿತಿ (ಬಿಎನ್‌ಎಸ್‌ಎಸ್) ಹಮ್ಮಿಕೊಂಡಿದ್ದ ದುಶ್ಚಟಗಳ ವಿರುದ್ಧ ಸಹಿ ಸಂಗ್ರಹ ಅಭಿಯಾನಕ್ಕೆ ಅರಣ್ಯ ಸಚಿವ ಈಶ್ವರ ಖಂಡ್ರೆ ಸಹಿ ಮಾಡಿದರು. ಮೇಳದಲ್ಲಿ ಬೀದರ್ ನಾಗರಿಕ ಸಂಘರ್ಷ ಸಮಿತಿ ‘ಬೀಡಿ, ಸಿಗರೇಟ್ ಸೇವನೆ ಬೇಡ, ಗುಟ್ಕಾ ತಿನ್ನಬೇಡಿ, ಅಧಿಕ ಮೊಬೈಲ್ ಬಳಕೆ ಬೇಡ, ಬೆಟ್ಟಿಂಗ್ ಆಡಬೇಡಿ, ಸಾರಾಯಿ ಕುಡಿಯಬೇಡಿ’ ಎಂಬ ಘೋಷಣೆ
ನಾನು ದೂರ ಇರುತ್ತೇನೆ. ಇತರರನ್ನು ಜಾಗೃತಗೊಳಿಸುವಲ್ಲಿ ಶ್ರಮಿಸುತ್ತೇನೆ ಎಂದು ಪ್ರತಿಜ್ಞೆ ಮಾಡಿ ಸಹಿ ಮಾಡಿದರು. ಮೇಳಕ್ಕೆ ಭೇಟಿ ನೀಡಿದ ಸಾರ್ವಜನಿಕರು ಸಹ ಅಭಿಯಾನಕ್ಕೆ ಬೆಂಬಲ ವ್ಯಕ್ತಪಡಿಸಿ ಸಹಿ ಸಂಗ್ರಹಿಸಿದರು. ಮೇಳಕ್ಕೆ ಭೇಟಿ ನೀಡಿದ ಜಿಲ್ಲಾ ಉಸ್ತುವಾರಿ ಸಚಿವ ರಹೀಂ ಖಾನ್ ಅವರು ಸಹ ಸಹಿ ಮಾಡಿದರು. ಬಿಎನ್‌ಎಸ್‌ಎಸ್ ಅಧ್ಯಕ್ಷ ಅವರು ಅಭಿಯಾನದ ಬಗ್ಗೆ ಮೆಚ್ಚುಗೆ ವ್ಯಕ್ತಪಡಿಸಿದರು.
ಸ್ವತಃ ಸಹಿ ಮಾಡಿ ಅಭಿಯಾನವನ್ನು ಬೆಂಬಲಿಸಿದರು. ಬೀದರ್ ನಾಗರಿಕ ಸಂಘರ್ಷ ಸಮಿತಿಯ ಅಧ್ಯಕ್ಷ ಡಾ. ಅಬ್ದುಲ್ ಖದೀರ್ ಹಾಗೂ ಸಮಿತಿಯ ಪದಾಧಿಕಾರಿಗಳು ಸಹಿ ಹಾಕಿದರು. ಸಮಿತಿಯ ಕಾರ್ಯದರ್ಶಿ ಶಿವಕುಮಾರ, ಆಹ್ಮದ್ ಡಾ. ರಾಜಶೇಖರ ಸೇಡಂಕರ್, ರಾಮಕೃಷ್ಣ ರೆಡ್ಡಿ ಮತ್ತಿತರರು ಇದ್ದರು.
